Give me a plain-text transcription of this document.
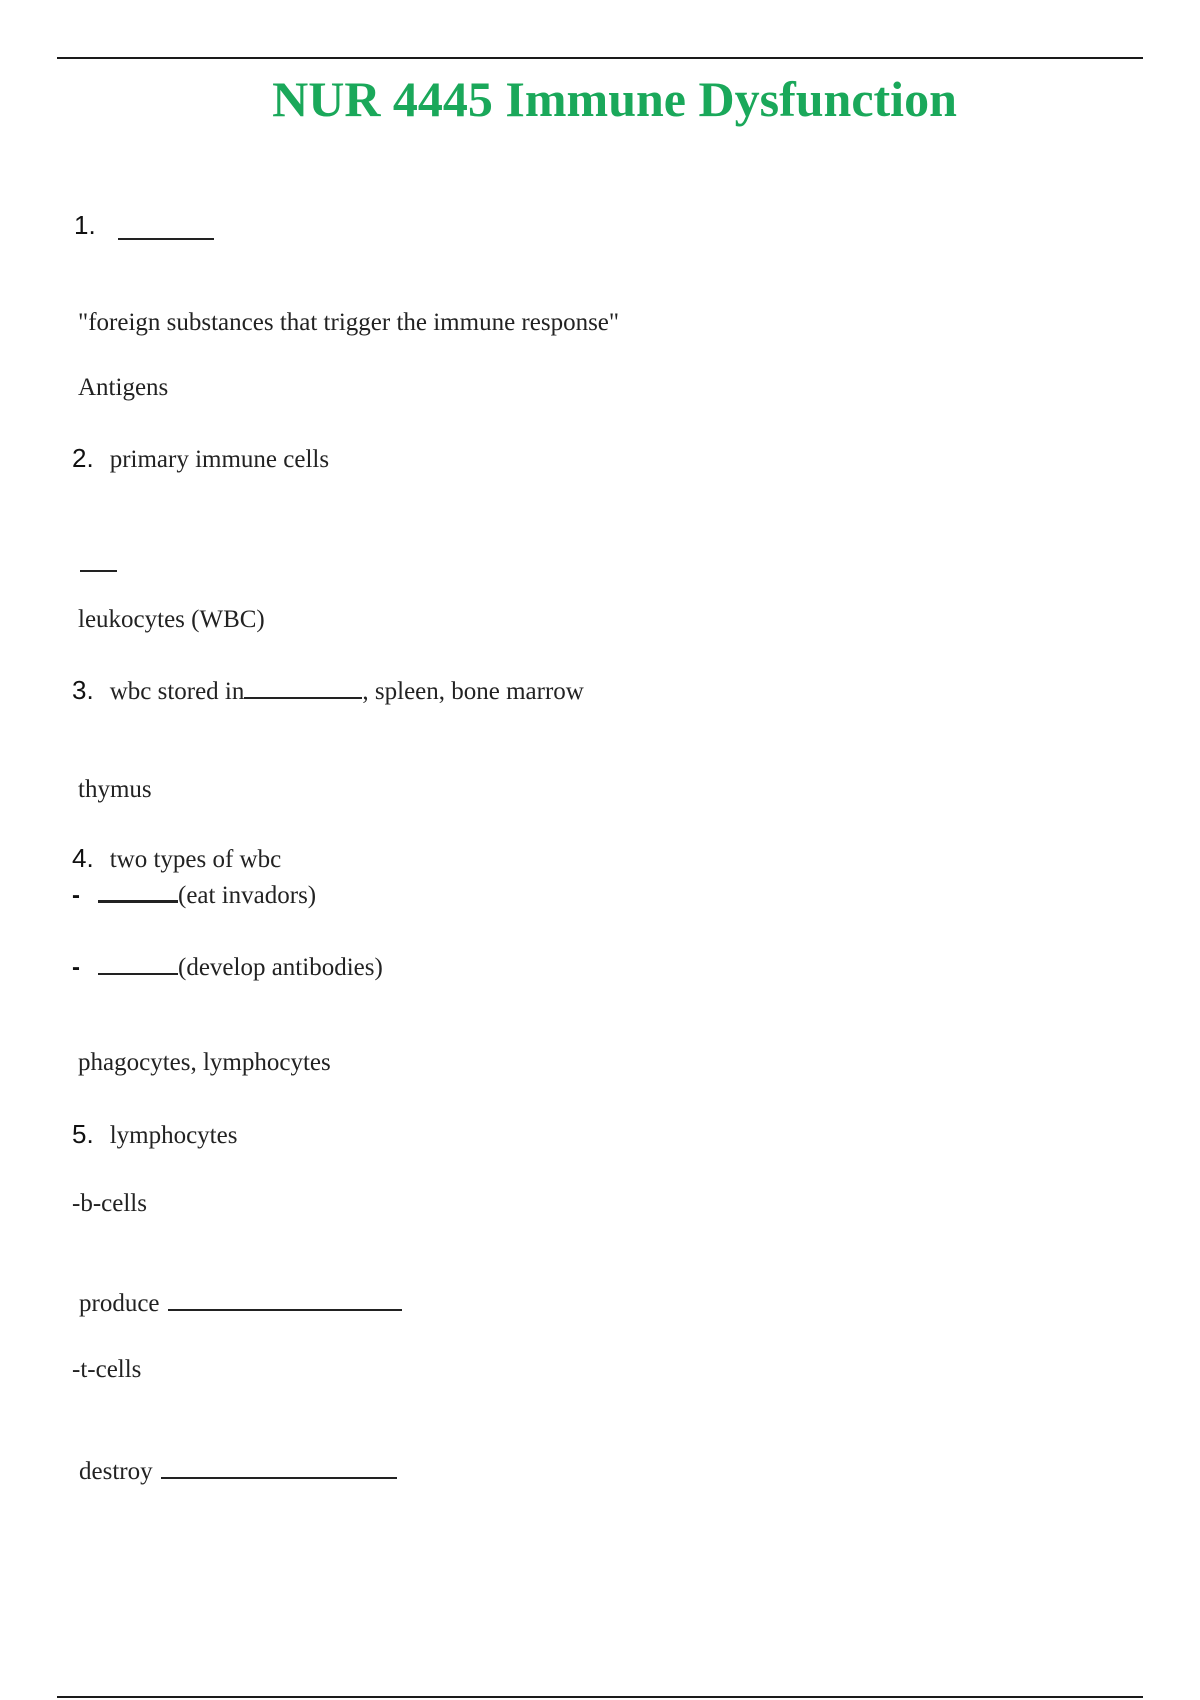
NUR 4445 Immune Dysfunction
1.
"foreign substances that trigger the immune response"
Antigens
2. primary immune cells
leukocytes (WBC)
3. wbc stored in	, spleen, bone marrow
thymus
4. two types of wbc
-	(eat invadors)
-	(develop antibodies)
phagocytes, lymphocytes
5. lymphocytes
-b-cells
produce
-t-cells
destroy
